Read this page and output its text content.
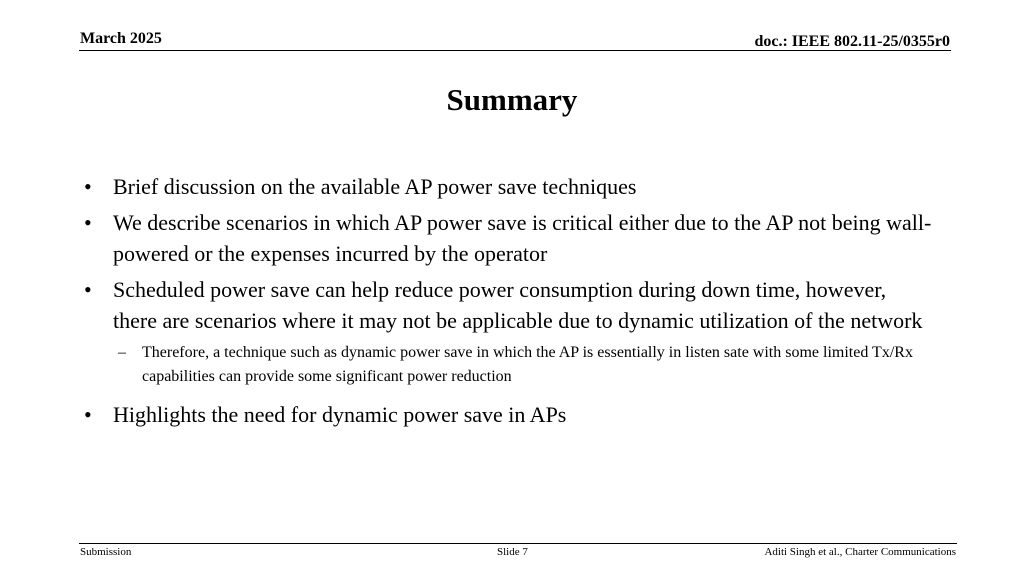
March 2025	doc.: IEEE 802.11-25/0355r0
Summary
• Brief discussion on the available AP power save techniques
• We describe scenarios in which AP power save is critical either due to the AP not being wall-powered or the expenses incurred by the operator
• Scheduled power save can help reduce power consumption during down time, however, there are scenarios where it may not be applicable due to dynamic utilization of the network
–	Therefore, a technique such as dynamic power save in which the AP is essentially in listen sate with some limited Tx/Rx capabilities can provide some significant power reduction
• Highlights the need for dynamic power save in APs
Submission	Slide 7	Aditi Singh et al., Charter Communications
